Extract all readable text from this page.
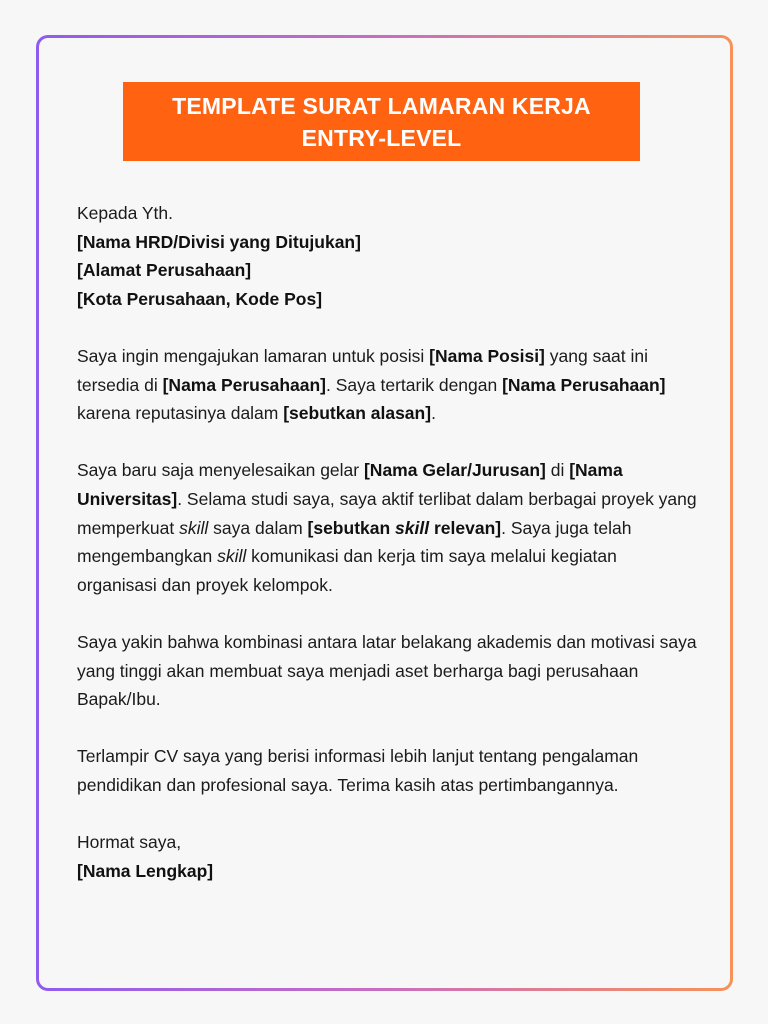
TEMPLATE SURAT LAMARAN KERJA
ENTRY-LEVEL

Kepada Yth.
[Nama HRD/Divisi yang Ditujukan]
[Alamat Perusahaan]
[Kota Perusahaan, Kode Pos]

Saya ingin mengajukan lamaran untuk posisi [Nama Posisi] yang saat ini tersedia di [Nama Perusahaan]. Saya tertarik dengan [Nama Perusahaan] karena reputasinya dalam [sebutkan alasan].

Saya baru saja menyelesaikan gelar [Nama Gelar/Jurusan] di [Nama Universitas]. Selama studi saya, saya aktif terlibat dalam berbagai proyek yang memperkuat skill saya dalam [sebutkan skill relevan]. Saya juga telah mengembangkan skill komunikasi dan kerja tim saya melalui kegiatan organisasi dan proyek kelompok.

Saya yakin bahwa kombinasi antara latar belakang akademis dan motivasi saya yang tinggi akan membuat saya menjadi aset berharga bagi perusahaan Bapak/Ibu.

Terlampir CV saya yang berisi informasi lebih lanjut tentang pengalaman pendidikan dan profesional saya. Terima kasih atas pertimbangannya.

Hormat saya,
[Nama Lengkap]
